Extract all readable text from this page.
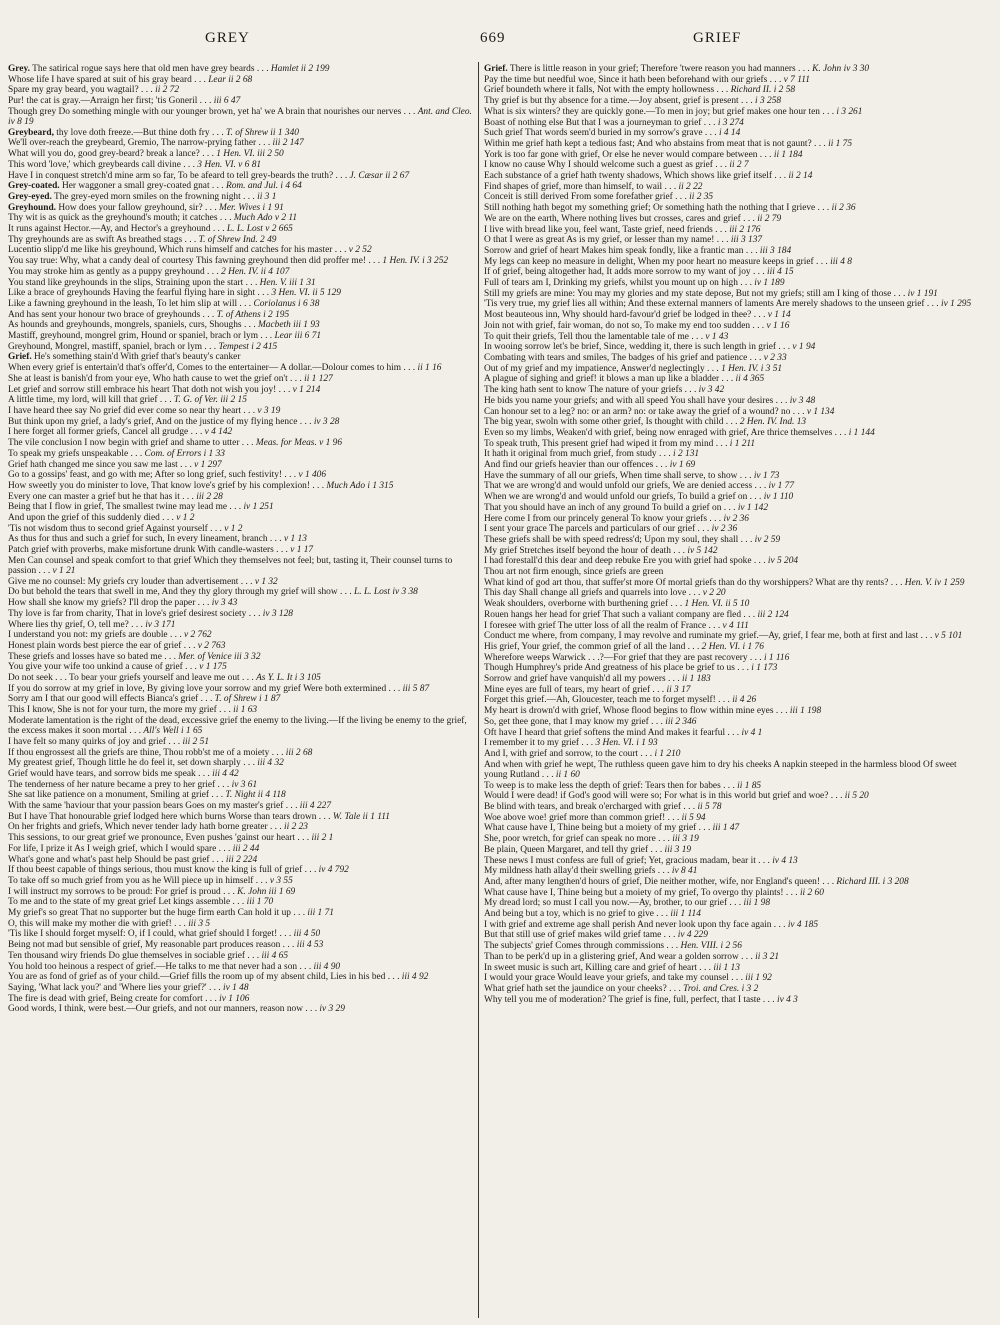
GREY	669	GRIEF
Grey. The satirical rogue says here that old men have grey beards . . . Hamlet ii 2 199
Whose life I have spared at suit of his gray beard . . . Lear ii 2 68
Spare my gray beard, you wagtail? . . . ii 2 72
Pur! the cat is gray.—Arraign her first; 'tis Goneril . . . iii 6 47
Though grey Do something mingle with our younger brown, yet ha' we A brain that nourishes our nerves . . . Ant. and Cleo. iv 8 19
Greybeard, thy love doth freeze.—But thine doth fry . . . T. of Shrew ii 1 340
We'll over-reach the greybeard, Gremio, The narrow-prying father . . . iii 2 147
What will you do, good grey-beard? break a lance? . . . 1 Hen. VI. iii 2 50
This word 'love,' which greybeards call divine . . . 3 Hen. VI. v 6 81
Have I in conquest stretch'd mine arm so far, To be afeard to tell grey-beards the truth? . . . J. Cæsar ii 2 67
Grey-coated. Her waggoner a small grey-coated gnat . . . Rom. and Jul. i 4 64
Grey-eyed. The grey-eyed morn smiles on the frowning night . . . ii 3 1
Greyhound. How does your fallow greyhound, sir? . . . Mer. Wives i 1 91
Thy wit is as quick as the greyhound's mouth; it catches . . . Much Ado v 2 11
It runs against Hector.—Ay, and Hector's a greyhound . . . L. L. Lost v 2 665
Thy greyhounds are as swift As breathed stags . . . T. of Shrew Ind. 2 49
Lucentio slipp'd me like his greyhound, Which runs himself and catches for his master . . . v 2 52
You say true: Why, what a candy deal of courtesy This fawning greyhound then did proffer me! . . . 1 Hen. IV. i 3 252
You may stroke him as gently as a puppy greyhound . . . 2 Hen. IV. ii 4 107
You stand like greyhounds in the slips, Straining upon the start . . . Hen. V. iii 1 31
Like a brace of greyhounds Having the fearful flying hare in sight . . . 3 Hen. VI. ii 5 129
Like a fawning greyhound in the leash, To let him slip at will . . . Coriolanus i 6 38
And has sent your honour two brace of greyhounds . . . T. of Athens i 2 195
As hounds and greyhounds, mongrels, spaniels, curs, Shoughs . . . Macbeth iii 1 93
Mastiff, greyhound, mongrel grim, Hound or spaniel, brach or lym . . . Lear iii 6 71
Greyhound, Mongrel, mastiff, spaniel, brach or lym . . . Tempest i 2 415
Grief. He's something stain'd With grief that's beauty's canker
When every grief is entertain'd that's offer'd, Comes to the entertainer— A dollar.—Dolour comes to him . . . ii 1 16
She at least is banish'd from your eye, Who hath cause to wet the grief on't . . . ii 1 127
Let grief and sorrow still embrace his heart That doth not wish you joy! . . . v 1 214
A little time, my lord, will kill that grief . . . T. G. of Ver. iii 2 15
I have heard thee say No grief did ever come so near thy heart . . . v 3 19
But think upon my grief, a lady's grief, And on the justice of my flying hence . . . iv 3 28
I here forget all former griefs, Cancel all grudge . . . v 4 142
The vile conclusion I now begin with grief and shame to utter . . . Meas. for Meas. v 1 96
To speak my griefs unspeakable . . . Com. of Errors i 1 33
Grief hath changed me since you saw me last . . . v 1 297
Go to a gossips' feast, and go with me; After so long grief, such festivity! . . . v 1 406
How sweetly you do minister to love, That know love's grief by his complexion! . . . Much Ado i 1 315
Every one can master a grief but he that has it . . . iii 2 28
Being that I flow in grief, The smallest twine may lead me . . . iv 1 251
And upon the grief of this suddenly died . . . v 1 2
'Tis not wisdom thus to second grief Against yourself . . . v 1 2
As thus for thus and such a grief for such, In every lineament, branch . . . v 1 13
Patch grief with proverbs, make misfortune drunk With candle-wasters . . . v 1 17
Men Can counsel and speak comfort to that grief Which they themselves not feel; but, tasting it, Their counsel turns to passion . . . v 1 21
Give me no counsel: My griefs cry louder than advertisement . . . v 1 32
Do but behold the tears that swell in me, And they thy glory through my grief will show . . . L. L. Lost iv 3 38
How shall she know my griefs? I'll drop the paper . . . iv 3 43
Thy love is far from charity, That in love's grief desirest society . . . iv 3 128
Where lies thy grief, O, tell me? . . . iv 3 171
I understand you not: my griefs are double . . . v 2 762
Honest plain words best pierce the ear of grief . . . v 2 763
These griefs and losses have so bated me . . . Mer. of Venice iii 3 32
You give your wife too unkind a cause of grief . . . v 1 175
Do not seek . . . To bear your griefs yourself and leave me out . . . As Y. L. It i 3 105
If you do sorrow at my grief in love, By giving love your sorrow and my grief Were both extermined . . . iii 5 87
Sorry am I that our good will effects Bianca's grief . . . T. of Shrew i 1 87
This I know, She is not for your turn, the more my grief . . . ii 1 63
Moderate lamentation is the right of the dead, excessive grief the enemy to the living.—If the living be enemy to the grief, the excess makes it soon mortal . . . All's Well i 1 65
I have felt so many quirks of joy and grief . . . iii 2 51
If thou engrossest all the griefs are thine, Thou robb'st me of a moiety . . . iii 2 68
My greatest grief, Though little he do feel it, set down sharply . . . iii 4 32
Grief would have tears, and sorrow bids me speak . . . iii 4 42
The tenderness of her nature became a prey to her grief . . . iv 3 61
She sat like patience on a monument, Smiling at grief . . . T. Night ii 4 118
With the same 'haviour that your passion bears Goes on my master's grief . . . iii 4 227
But I have That honourable grief lodged here which burns Worse than tears drown . . . W. Tale ii 1 111
On her frights and griefs, Which never tender lady hath borne greater . . . ii 2 23
This sessions, to our great grief we pronounce, Even pushes 'gainst our heart . . . iii 2 1
For life, I prize it As I weigh grief, which I would spare . . . iii 2 44
What's gone and what's past help Should be past grief . . . iii 2 224
If thou beest capable of things serious, thou must know the king is full of grief . . . iv 4 792
To take off so much grief from you as he Will piece up in himself . . . v 3 55
I will instruct my sorrows to be proud: For grief is proud . . . K. John iii 1 69
To me and to the state of my great grief Let kings assemble . . . iii 1 70
My grief's so great That no supporter but the huge firm earth Can hold it up . . . iii 1 71
O, this will make my mother die with grief! . . . iii 3 5
'Tis like I should forget myself: O, if I could, what grief should I forget! . . . iii 4 50
Being not mad but sensible of grief, My reasonable part produces reason . . . iii 4 53
Ten thousand wiry friends Do glue themselves in sociable grief . . . iii 4 65
You hold too heinous a respect of grief.—He talks to me that never had a son . . . iii 4 90
You are as fond of grief as of your child.—Grief fills the room up of my absent child, Lies in his bed . . . iii 4 92
Saying, 'What lack you?' and 'Where lies your grief?' . . . iv 1 48
The fire is dead with grief, Being create for comfort . . . iv 1 106
Good words, I think, were best.—Our griefs, and not our manners, reason now . . . iv 3 29
Grief. There is little reason in your grief; Therefore 'twere reason you had manners . . . K. John iv 3 30
Pay the time but needful woe, Since it hath been beforehand with our griefs . . . v 7 111
Grief boundeth where it falls, Not with the empty hollowness . . . Richard II. i 2 58
Thy grief is but thy absence for a time.—Joy absent, grief is present . . . i 3 258
What is six winters? they are quickly gone.—To men in joy; but grief makes one hour ten . . . i 3 261
Boast of nothing else But that I was a journeyman to grief . . . i 3 274
Such grief That words seem'd buried in my sorrow's grave . . . i 4 14
Within me grief hath kept a tedious fast; And who abstains from meat that is not gaunt? . . . ii 1 75
York is too far gone with grief, Or else he never would compare between . . . ii 1 184
I know no cause Why I should welcome such a guest as grief . . . ii 2 7
Each substance of a grief hath twenty shadows, Which shows like grief itself . . . ii 2 14
Find shapes of grief, more than himself, to wail . . . ii 2 22
Conceit is still derived From some forefather grief . . . ii 2 35
Still nothing hath begot my something grief; Or something hath the nothing that I grieve . . . ii 2 36
We are on the earth, Where nothing lives but crosses, cares and grief . . . ii 2 79
I live with bread like you, feel want, Taste grief, need friends . . . iii 2 176
O that I were as great As is my grief, or lesser than my name! . . . iii 3 137
Sorrow and grief of heart Makes him speak fondly, like a frantic man . . . iii 3 184
My legs can keep no measure in delight, When my poor heart no measure keeps in grief . . . iii 4 8
If of grief, being altogether had, It adds more sorrow to my want of joy . . . iii 4 15
Full of tears am I, Drinking my griefs, whilst you mount up on high . . . iv 1 189
Still my griefs are mine: You may my glories and my state depose, But not my griefs; still am I king of those . . . iv 1 191
'Tis very true, my grief lies all within; And these external manners of laments Are merely shadows to the unseen grief . . . iv 1 295
Most beauteous inn, Why should hard-favour'd grief be lodged in thee? . . . v 1 14
Join not with grief, fair woman, do not so, To make my end too sudden . . . v 1 16
To quit their griefs, Tell thou the lamentable tale of me . . . v 1 43
In wooing sorrow let's be brief, Since, wedding it, there is such length in grief . . . v 1 94
Combating with tears and smiles, The badges of his grief and patience . . . v 2 33
Out of my grief and my impatience, Answer'd neglectingly . . . 1 Hen. IV. i 3 51
A plague of sighing and grief! it blows a man up like a bladder . . . ii 4 365
The king hath sent to know The nature of your griefs . . . iv 3 42
He bids you name your griefs; and with all speed You shall have your desires . . . iv 3 48
Can honour set to a leg? no: or an arm? no: or take away the grief of a wound? no . . . v 1 134
The big year, swoln with some other grief, Is thought with child . . . 2 Hen. IV. Ind. 13
Even so my limbs, Weaken'd with grief, being now enraged with grief, Are thrice themselves . . . i 1 144
To speak truth, This present grief had wiped it from my mind . . . i 1 211
It hath it original from much grief, from study . . . i 2 131
And find our griefs heavier than our offences . . . iv 1 69
Have the summary of all our griefs, When time shall serve, to show . . . iv 1 73
That we are wrong'd and would unfold our griefs, We are denied access . . . iv 1 77
When we are wrong'd and would unfold our griefs, To build a grief on . . . iv 1 110
That you should have an inch of any ground To build a grief on . . . iv 1 142
Here come I from our princely general To know your griefs . . . iv 2 36
I sent your grace The parcels and particulars of our grief . . . iv 2 36
These griefs shall be with speed redress'd; Upon my soul, they shall . . . iv 2 59
My grief Stretches itself beyond the hour of death . . . iv 5 142
I had forestall'd this dear and deep rebuke Ere you with grief had spoke . . . iv 5 204
Thou art not firm enough, since griefs are green
What kind of god art thou, that suffer'st more Of mortal griefs than do thy worshippers? What are thy rents? . . . Hen. V. iv 1 259
This day Shall change all griefs and quarrels into love . . . v 2 20
Weak shoulders, overborne with burthening grief . . . 1 Hen. VI. ii 5 10
Rouen hangs her head for grief That such a valiant company are fled . . . iii 2 124
I foresee with grief The utter loss of all the realm of France . . . v 4 111
Conduct me where, from company, I may revolve and ruminate my grief.—Ay, grief, I fear me, both at first and last . . . v 5 101
His grief, Your grief, the common grief of all the land . . . 2 Hen. VI. i 1 76
Wherefore weeps Warwick . . .?—For grief that they are past recovery . . . i 1 116
Though Humphrey's pride And greatness of his place be grief to us . . . i 1 173
Sorrow and grief have vanquish'd all my powers . . . ii 1 183
Mine eyes are full of tears, my heart of grief . . . ii 3 17
Forget this grief.—Ah, Gloucester, teach me to forget myself! . . . ii 4 26
My heart is drown'd with grief, Whose flood begins to flow within mine eyes . . . iii 1 198
So, get thee gone, that I may know my grief . . . iii 2 346
Oft have I heard that grief softens the mind And makes it fearful . . . iv 4 1
I remember it to my grief . . . 3 Hen. VI. i 1 93
And I, with grief and sorrow, to the court . . . i 1 210
And when with grief he wept, The ruthless queen gave him to dry his cheeks A napkin steeped in the harmless blood Of sweet young Rutland . . . ii 1 60
To weep is to make less the depth of grief: Tears then for babes . . . ii 1 85
Would I were dead! if God's good will were so; For what is in this world but grief and woe? . . . ii 5 20
Be blind with tears, and break o'ercharged with grief . . . ii 5 78
Woe above woe! grief more than common grief! . . . ii 5 94
What cause have I, Thine being but a moiety of my grief . . . iii 1 47
She, poor wretch, for grief can speak no more . . . iii 3 19
Be plain, Queen Margaret, and tell thy grief . . . iii 3 19
These news I must confess are full of grief; Yet, gracious madam, bear it . . . iv 4 13
My mildness hath allay'd their swelling griefs . . . iv 8 41
And, after many lengthen'd hours of grief, Die neither mother, wife, nor England's queen! . . . Richard III. i 3 208
What cause have I, Thine being but a moiety of my grief, To overgo thy plaints! . . . ii 2 60
My dread lord; so must I call you now.—Ay, brother, to our grief . . . iii 1 98
And being but a toy, which is no grief to give . . . iii 1 114
I with grief and extreme age shall perish And never look upon thy face again . . . iv 4 185
But that still use of grief makes wild grief tame . . . iv 4 229
The subjects' grief Comes through commissions . . . Hen. VIII. i 2 56
Than to be perk'd up in a glistering grief, And wear a golden sorrow . . . ii 3 21
In sweet music is such art, Killing care and grief of heart . . . iii 1 13
I would your grace Would leave your griefs, and take my counsel . . . iii 1 92
What grief hath set the jaundice on your cheeks? . . . Troi. and Cres. i 3 2
Why tell you me of moderation? The grief is fine, full, perfect, that I taste . . . iv 4 3
